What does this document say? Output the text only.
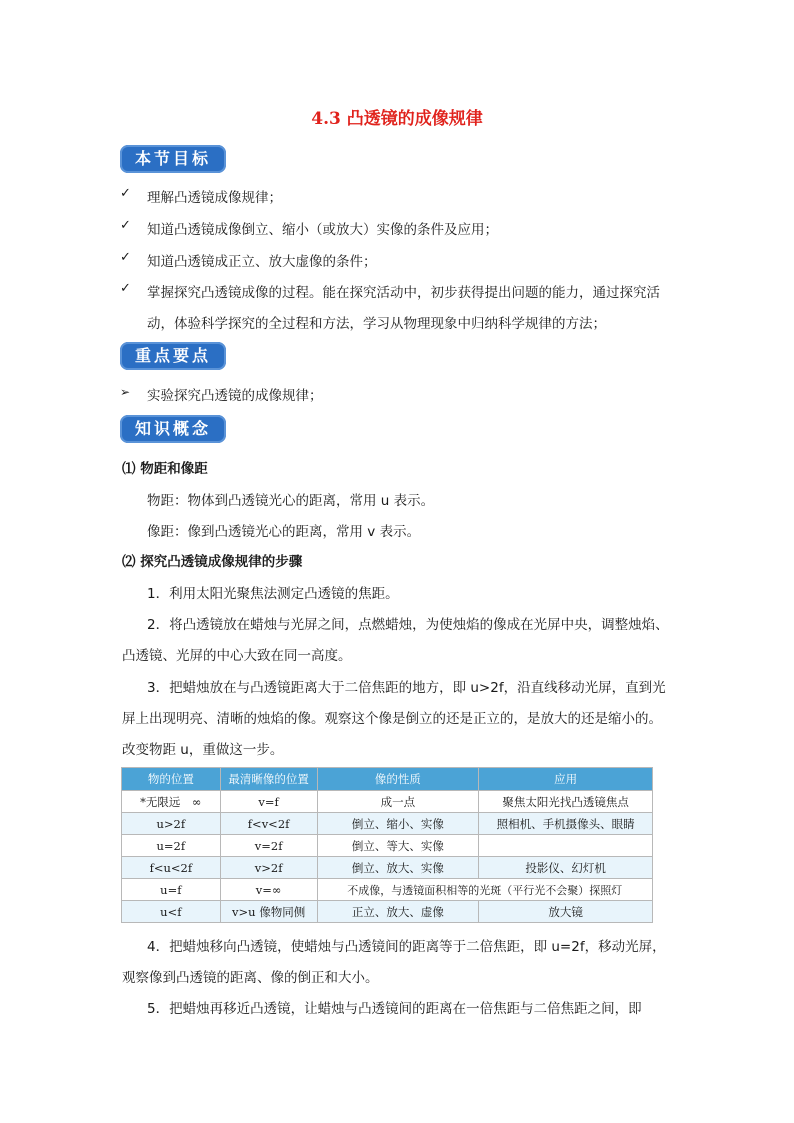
4.3 凸透镜的成像规律
本节目标
✓ 理解凸透镜成像规律；
✓ 知道凸透镜成像倒立、缩小（或放大）实像的条件及应用；
✓ 知道凸透镜成正立、放大虚像的条件；
✓ 掌握探究凸透镜成像的过程。能在探究活动中，初步获得提出问题的能力，通过探究活
动，体验科学探究的全过程和方法，学习从物理现象中归纳科学规律的方法；
重点要点
➢ 实验探究凸透镜的成像规律；
知识概念
⑴ 物距和像距
物距：物体到凸透镜光心的距离，常用 u 表示。
像距：像到凸透镜光心的距离，常用 v 表示。
⑵ 探究凸透镜成像规律的步骤
1．利用太阳光聚焦法测定凸透镜的焦距。
2．将凸透镜放在蜡烛与光屏之间，点燃蜡烛，为使烛焰的像成在光屏中央，调整烛焰、
凸透镜、光屏的中心大致在同一高度。
3．把蜡烛放在与凸透镜距离大于二倍焦距的地方，即 u>2f，沿直线移动光屏，直到光
屏上出现明亮、清晰的烛焰的像。观察这个像是倒立的还是正立的，是放大的还是缩小的。
改变物距 u，重做这一步。
物的位置	最清晰像的位置	像的性质	应用
*无限远　∞	v=f	成一点	聚焦太阳光找凸透镜焦点
u>2f	f<v<2f	倒立、缩小、实像	照相机、手机摄像头、眼睛
u=2f	v=2f	倒立、等大、实像	
f<u<2f	v>2f	倒立、放大、实像	投影仪、幻灯机
u=f	v=∞	不成像，与透镜面积相等的光斑（平行光不会聚）探照灯	
u<f	v>u 像物同侧	正立、放大、虚像	放大镜
4．把蜡烛移向凸透镜，使蜡烛与凸透镜间的距离等于二倍焦距，即 u=2f，移动光屏，
观察像到凸透镜的距离、像的倒正和大小。
5．把蜡烛再移近凸透镜，让蜡烛与凸透镜间的距离在一倍焦距与二倍焦距之间，即
